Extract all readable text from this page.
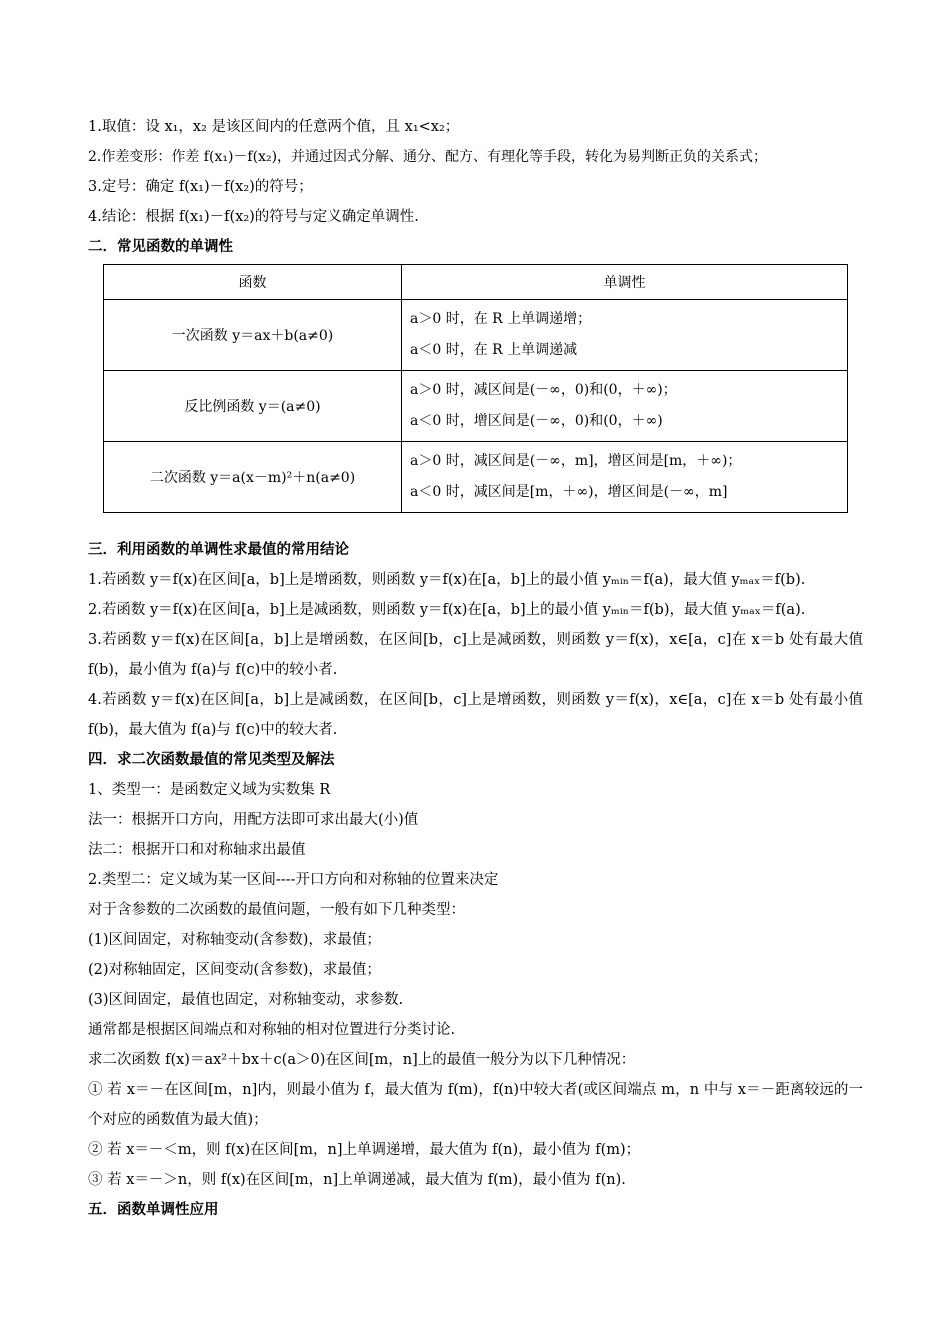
1.取值：设 x₁，x₂ 是该区间内的任意两个值，且 x₁<x₂；
2.作差变形：作差 f(x₁)－f(x₂)，并通过因式分解、通分、配方、有理化等手段，转化为易判断正负的关系式；
3.定号：确定 f(x₁)－f(x₂)的符号；
4.结论：根据 f(x₁)－f(x₂)的符号与定义确定单调性.
二．常见函数的单调性
函数	单调性
一次函数 y＝ax＋b(a≠0)	a＞0 时，在 R 上单调递增；
a＜0 时，在 R 上单调递减

反比例函数 y＝(a≠0)	a＞0 时，减区间是(－∞，0)和(0，＋∞)；
a＜0 时，增区间是(－∞，0)和(0，＋∞)

二次函数 y＝a(x－m)²＋n(a≠0)	a＞0 时，减区间是(－∞，m]，增区间是[m，＋∞)；
a＜0 时，减区间是[m，＋∞)，增区间是(－∞，m]
三．利用函数的单调性求最值的常用结论
1.若函数 y＝f(x)在区间[a，b]上是增函数，则函数 y＝f(x)在[a，b]上的最小值 yₘᵢₙ＝f(a)，最大值 yₘₐₓ＝f(b).
2.若函数 y＝f(x)在区间[a，b]上是减函数，则函数 y＝f(x)在[a，b]上的最小值 yₘᵢₙ＝f(b)，最大值 yₘₐₓ＝f(a).
3.若函数 y＝f(x)在区间[a，b]上是增函数，在区间[b，c]上是减函数，则函数 y＝f(x)，x∈[a，c]在 x＝b 处有最大值 f(b)，最小值为 f(a)与 f(c)中的较小者.
4.若函数 y＝f(x)在区间[a，b]上是减函数，在区间[b，c]上是增函数，则函数 y＝f(x)，x∈[a，c]在 x＝b 处有最小值 f(b)，最大值为 f(a)与 f(c)中的较大者.
四．求二次函数最值的常见类型及解法
1、类型一：是函数定义域为实数集 R
法一：根据开口方向，用配方法即可求出最大(小)值
法二：根据开口和对称轴求出最值
2.类型二：定义域为某一区间----开口方向和对称轴的位置来决定
对于含参数的二次函数的最值问题，一般有如下几种类型：
(1)区间固定，对称轴变动(含参数)，求最值；
(2)对称轴固定，区间变动(含参数)，求最值；
(3)区间固定，最值也固定，对称轴变动，求参数.
通常都是根据区间端点和对称轴的相对位置进行分类讨论.
求二次函数 f(x)＝ax²＋bx＋c(a＞0)在区间[m，n]上的最值一般分为以下几种情况：
① 若 x＝－在区间[m，n]内，则最小值为 f，最大值为 f(m)，f(n)中较大者(或区间端点 m，n 中与 x＝－距离较远的一个对应的函数值为最大值)；
② 若 x＝－＜m，则 f(x)在区间[m，n]上单调递增，最大值为 f(n)，最小值为 f(m)；
③ 若 x＝－＞n，则 f(x)在区间[m，n]上单调递减，最大值为 f(m)，最小值为 f(n).
五．函数单调性应用
